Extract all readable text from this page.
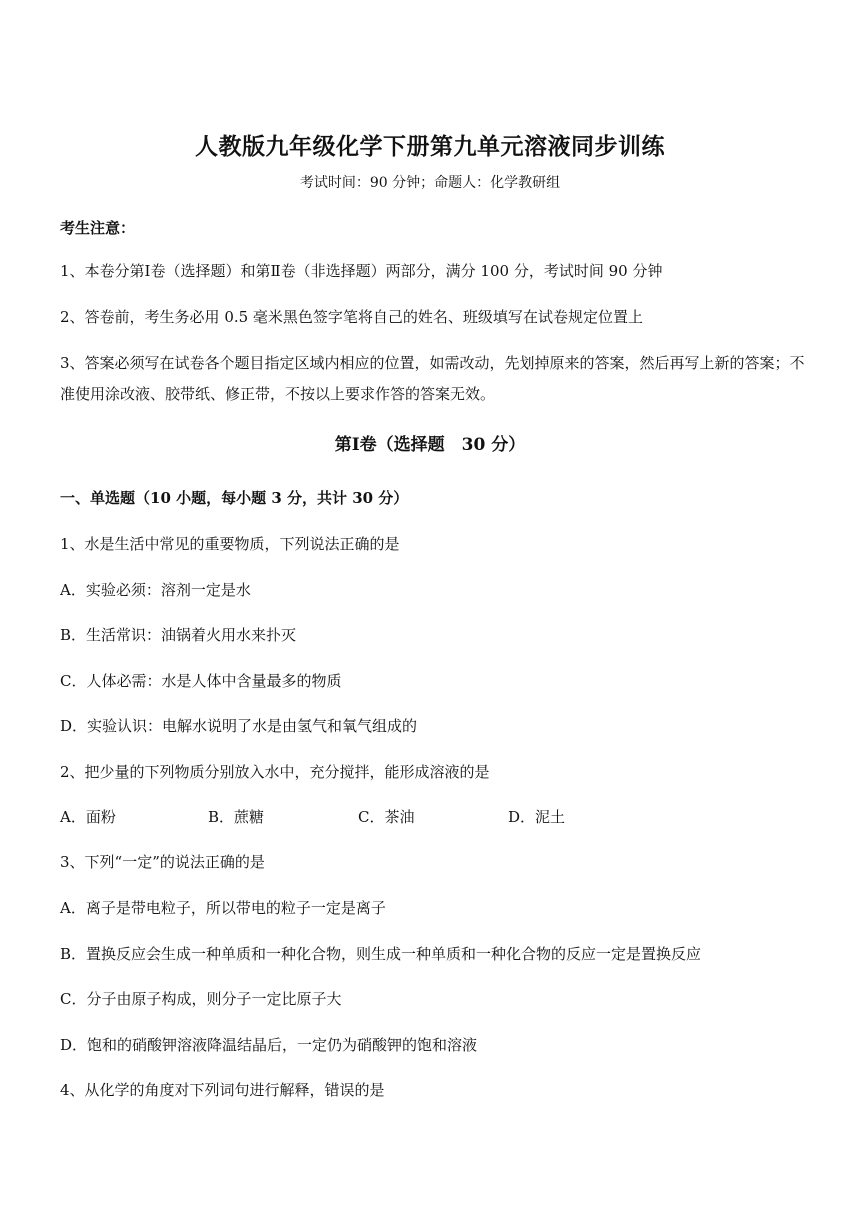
人教版九年级化学下册第九单元溶液同步训练
考试时间：90 分钟；命题人：化学教研组
考生注意：
1、本卷分第Ⅰ卷（选择题）和第Ⅱ卷（非选择题）两部分，满分 100 分，考试时间 90 分钟
2、答卷前，考生务必用 0.5 毫米黑色签字笔将自己的姓名、班级填写在试卷规定位置上
3、答案必须写在试卷各个题目指定区域内相应的位置，如需改动，先划掉原来的答案，然后再写上新的答案；不准使用涂改液、胶带纸、修正带，不按以上要求作答的答案无效。
第Ⅰ卷（选择题　30 分）
一、单选题（10 小题，每小题 3 分，共计 30 分）
1、水是生活中常见的重要物质，下列说法正确的是
A．实验必须：溶剂一定是水
B．生活常识：油锅着火用水来扑灭
C．人体必需：水是人体中含量最多的物质
D．实验认识：电解水说明了水是由氢气和氧气组成的
2、把少量的下列物质分别放入水中，充分搅拌，能形成溶液的是
A．面粉	B．蔗糖	C．茶油	D．泥土
3、下列“一定”的说法正确的是
A．离子是带电粒子，所以带电的粒子一定是离子
B．置换反应会生成一种单质和一种化合物，则生成一种单质和一种化合物的反应一定是置换反应
C．分子由原子构成，则分子一定比原子大
D．饱和的硝酸钾溶液降温结晶后，一定仍为硝酸钾的饱和溶液
4、从化学的角度对下列词句进行解释，错误的是
